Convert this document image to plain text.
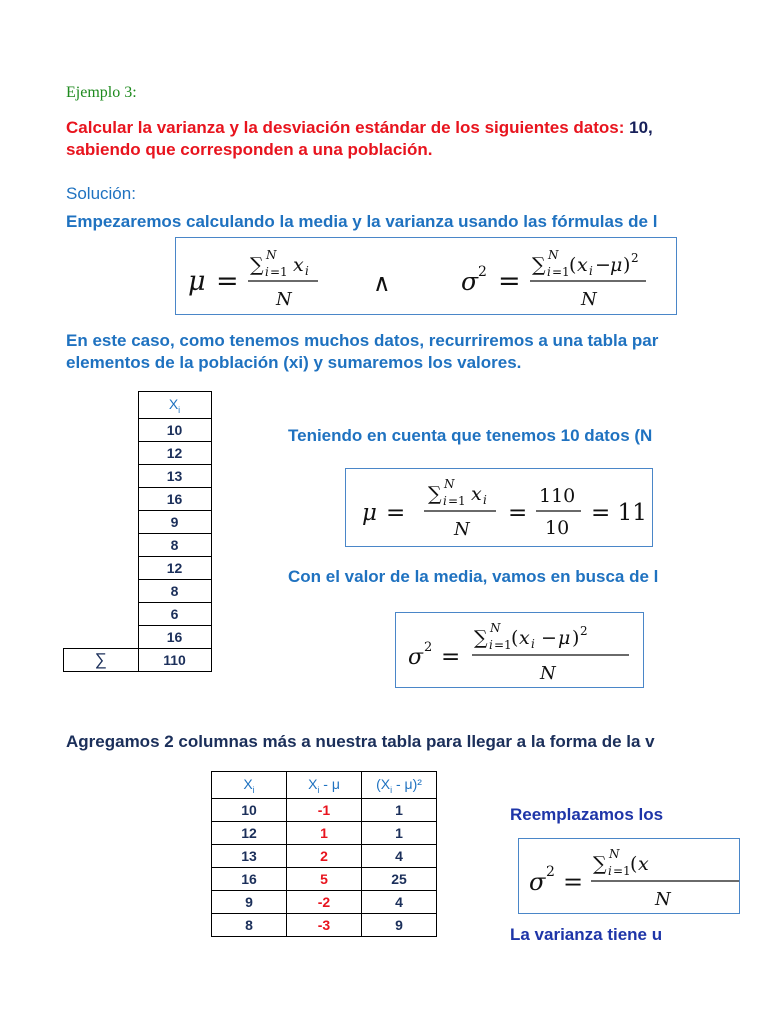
Ejemplo 3:
Calcular la varianza y la desviación estándar de los siguientes datos: 10,
sabiendo que corresponden a una población.
Solución:
Empezaremos calculando la media y la varianza usando las fórmulas de l
μ =
∑ i =1
N x i
N
∧	σ 2 =
∑ i =1
N ( x i − μ ) 2
N
En este caso, como tenemos muchos datos, recurriremos a una tabla par
elementos de la población (xi) y sumaremos los valores.
	$X_i$
	10
	12
	13
	16
	9
	8
	12
	8
	6
	16
∑	110
Teniendo en cuenta que tenemos 10 datos (N
μ =
∑ i =1
N x i
N
=
110
10
= 11
Con el valor de la media, vamos en busca de l
σ 2 =
∑ i =1
N ( x i − μ ) 2
N
Agregamos 2 columnas más a nuestra tabla para llegar a la forma de la v
$X_i$	$X_i$ - μ	$(X_i - \mu)^2$
10	-1	1
12	1	1
13	2	4
16	5	25
9	-2	4
8	-3	9
Reemplazamos los
σ 2 =
∑ i =1
N ( x
N
La varianza tiene u
